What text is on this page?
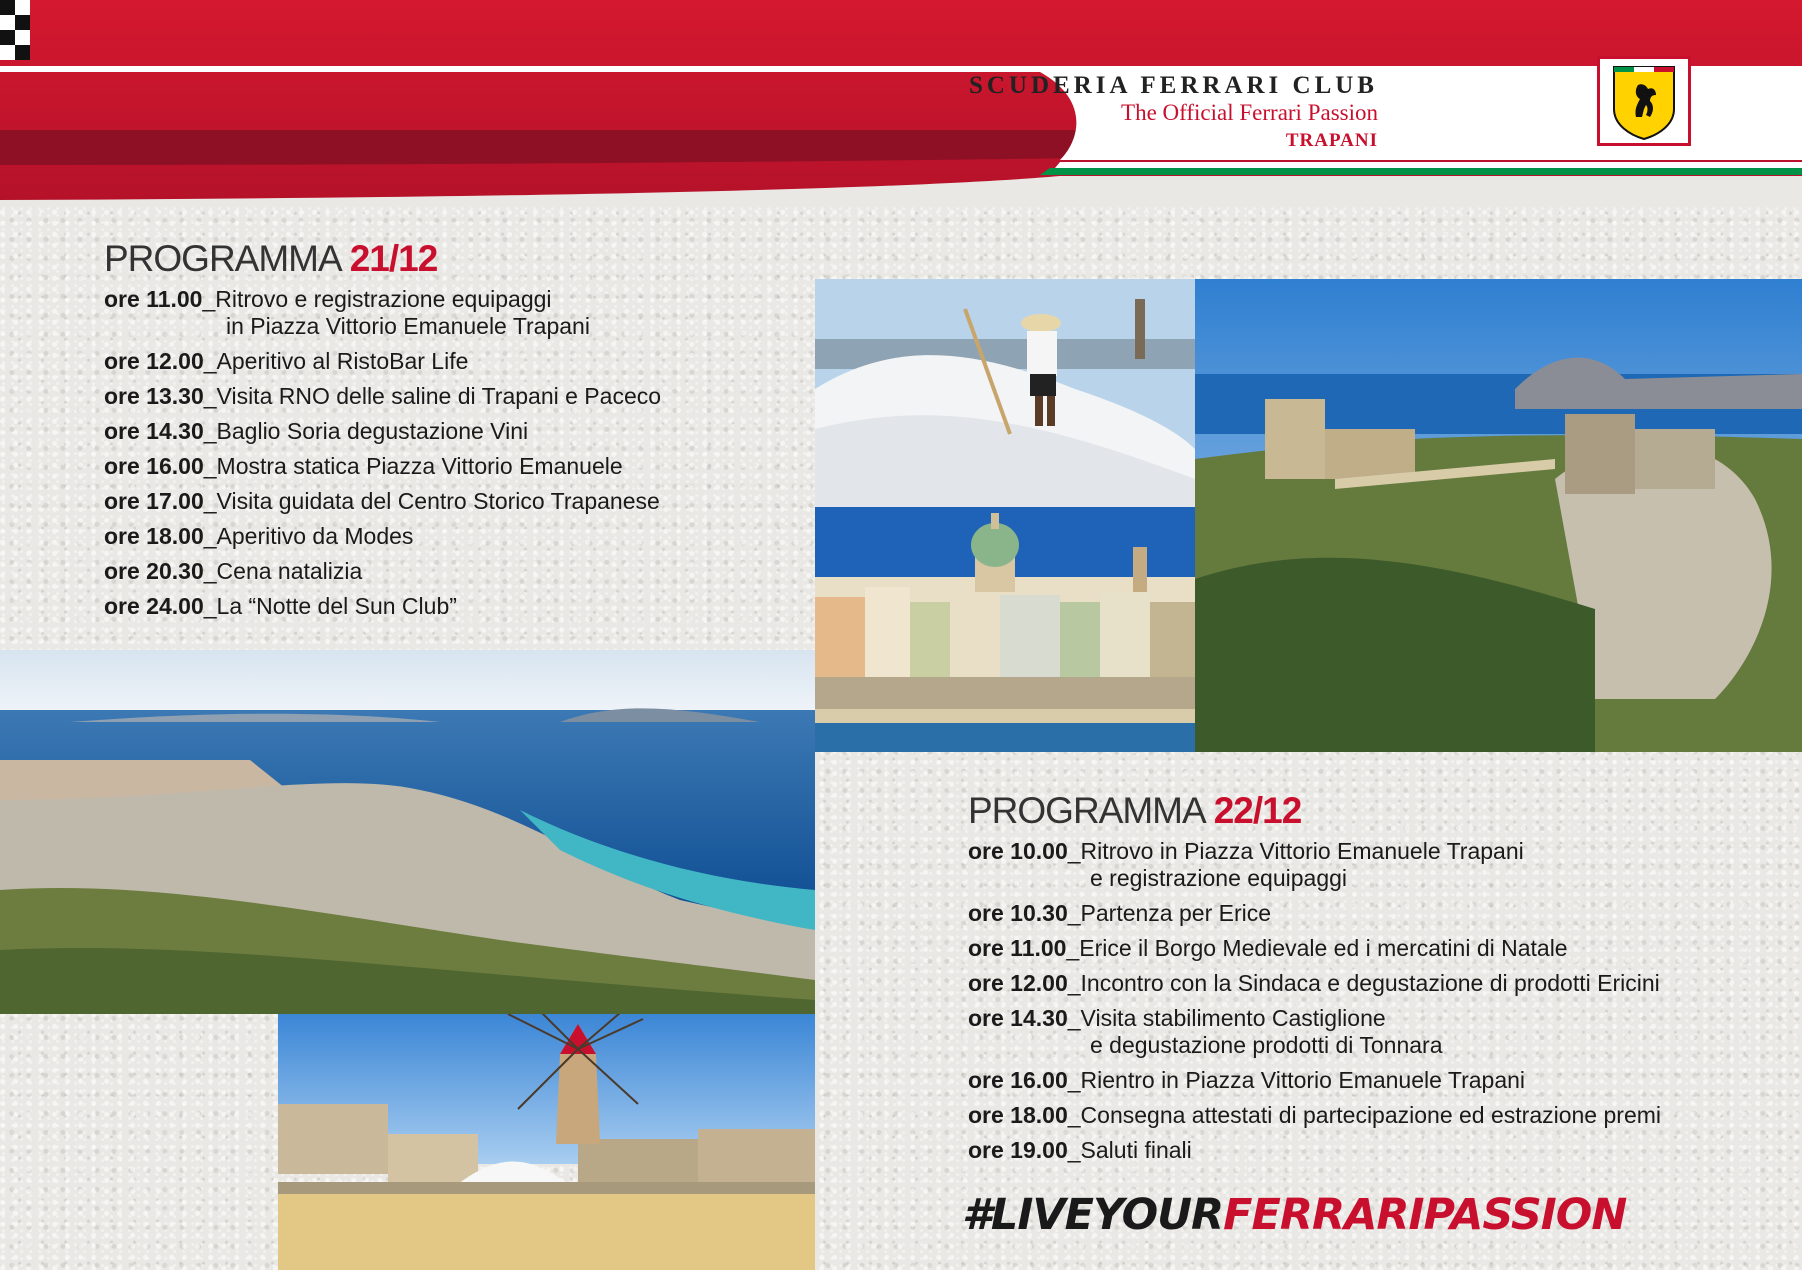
SCUDERIA FERRARI CLUB
The Official Ferrari Passion
TRAPANI
PROGRAMMA 21/12
ore 11.00_Ritrovo e registrazione equipaggi
in Piazza Vittorio Emanuele Trapani
ore 12.00_Aperitivo al RistoBar Life
ore 13.30_Visita RNO delle saline di Trapani e Paceco
ore 14.30_Baglio Soria degustazione Vini
ore 16.00_Mostra statica Piazza Vittorio Emanuele
ore 17.00_Visita guidata del Centro Storico Trapanese
ore 18.00_Aperitivo da Modes
ore 20.30_Cena natalizia
ore 24.00_La “Notte del Sun Club”
PROGRAMMA 22/12
ore 10.00_Ritrovo in Piazza Vittorio Emanuele Trapani
e registrazione equipaggi
ore 10.30_Partenza per Erice
ore 11.00_Erice il Borgo Medievale ed i mercatini di Natale
ore 12.00_Incontro con la Sindaca e degustazione di prodotti Ericini
ore 14.30_Visita stabilimento Castiglione
e degustazione prodotti di Tonnara
ore 16.00_Rientro in Piazza Vittorio Emanuele Trapani
ore 18.00_Consegna attestati di partecipazione ed estrazione premi
ore 19.00_Saluti finali
#LIVEYOURFERRARIPASSION
